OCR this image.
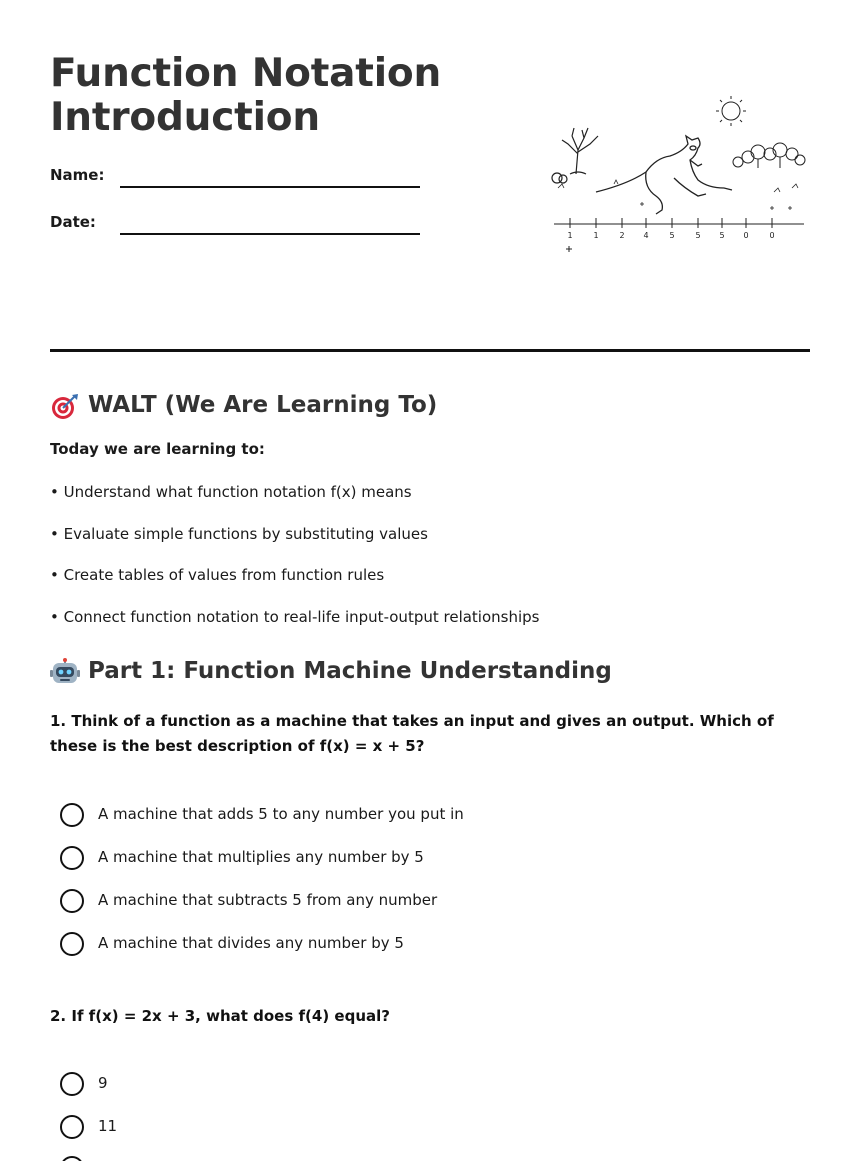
Function Notation Introduction
Name:
Date:
1	1	2 4	5	5 5 0	0
WALT (We Are Learning To)
Today we are learning to:
• Understand what function notation f(x) means
• Evaluate simple functions by substituting values
• Create tables of values from function rules
• Connect function notation to real-life input-output relationships
Part 1: Function Machine Understanding
1. Think of a function as a machine that takes an input and gives an output. Which of these is the best description of f(x) = x + 5?
A machine that adds 5 to any number you put in
A machine that multiplies any number by 5
A machine that subtracts 5 from any number
A machine that divides any number by 5
2. If f(x) = 2x + 3, what does f(4) equal?
9
11
